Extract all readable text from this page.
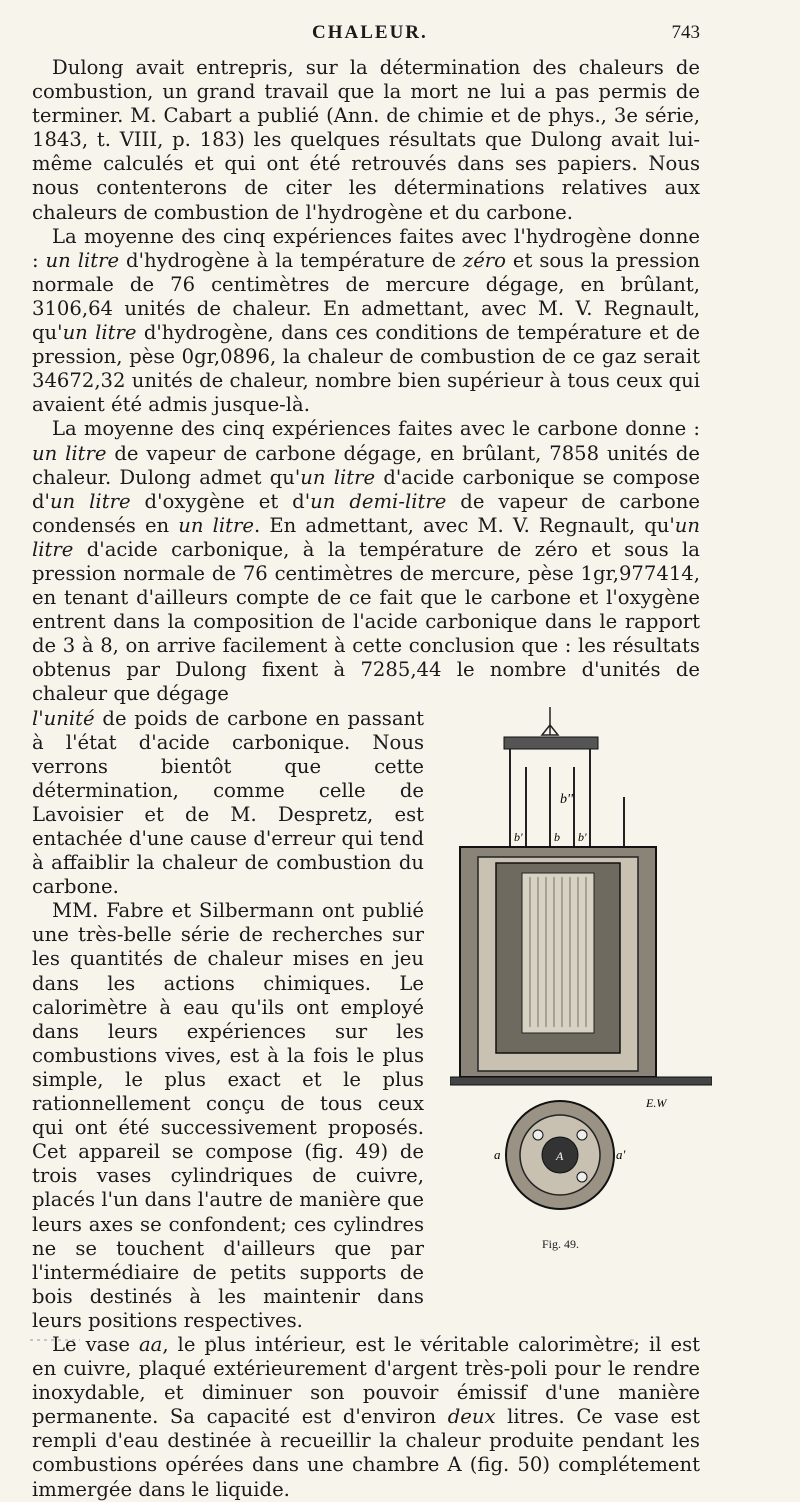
CHALEUR.	743

Dulong avait entrepris, sur la détermination des chaleurs de combustion, un grand travail que la mort ne lui a pas permis de terminer. M. Cabart a publié (Ann. de chimie et de phys., 3e série, 1843, t. VIII, p. 183) les quelques résultats que Dulong avait lui-même calculés et qui ont été retrouvés dans ses papiers. Nous nous contenterons de citer les déterminations relatives aux chaleurs de combustion de l'hydrogène et du carbone.

La moyenne des cinq expériences faites avec l'hydrogène donne : un litre d'hydrogène à la température de zéro et sous la pression normale de 76 centimètres de mercure dégage, en brûlant, 3106,64 unités de chaleur. En admettant, avec M. V. Regnault, qu'un litre d'hydrogène, dans ces conditions de température et de pression, pèse 0gr,0896, la chaleur de combustion de ce gaz serait 34672,32 unités de chaleur, nombre bien supérieur à tous ceux qui avaient été admis jusque-là.

La moyenne des cinq expériences faites avec le carbone donne : un litre de vapeur de carbone dégage, en brûlant, 7858 unités de chaleur. Dulong admet qu'un litre d'acide carbonique se compose d'un litre d'oxygène et d'un demi-litre de vapeur de carbone condensés en un litre. En admettant, avec M. V. Regnault, qu'un litre d'acide carbonique, à la température de zéro et sous la pression normale de 76 centimètres de mercure, pèse 1gr,977414, en tenant d'ailleurs compte de ce fait que le carbone et l'oxygène entrent dans la composition de l'acide carbonique dans le rapport de 3 à 8, on arrive facilement à cette conclusion que : les résultats obtenus par Dulong fixent à 7285,44 le nombre d'unités de chaleur que dégage

l'unité de poids de carbone en passant à l'état d'acide carbonique. Nous verrons bientôt que cette détermination, comme celle de Lavoisier et de M. Despretz, est entachée d'une cause d'erreur qui tend à affaiblir la chaleur de combustion du carbone.

MM. Fabre et Silbermann ont publié une très-belle série de recherches sur les quantités de chaleur mises en jeu dans les actions chimiques. Le calorimètre à eau qu'ils ont employé dans leurs expériences sur les combustions vives, est à la fois le plus simple, le plus exact et le plus rationnellement conçu de tous ceux qui ont été successivement proposés. Cet appareil se compose (fig. 49) de trois vases cylindriques de cuivre, placés l'un dans l'autre de manière que leurs axes se confondent; ces cylindres ne se touchent d'ailleurs que par l'intermédiaire de petits supports de bois destinés à les maintenir dans leurs positions respectives.

Le vase aa, le plus intérieur, est le véritable calorimètre; il est en cuivre, plaqué extérieurement d'argent très-poli pour le rendre inoxydable, et diminuer son pouvoir émissif d'une manière permanente. Sa capacité est d'environ deux litres. Ce vase est rempli d'eau destinée à recueillir la chaleur produite pendant les combustions opérées dans une chambre A (fig. 50) complétement immergée dans le liquide.

b''
b'	b b'
E.W
A
a	a'
Fig. 49.
